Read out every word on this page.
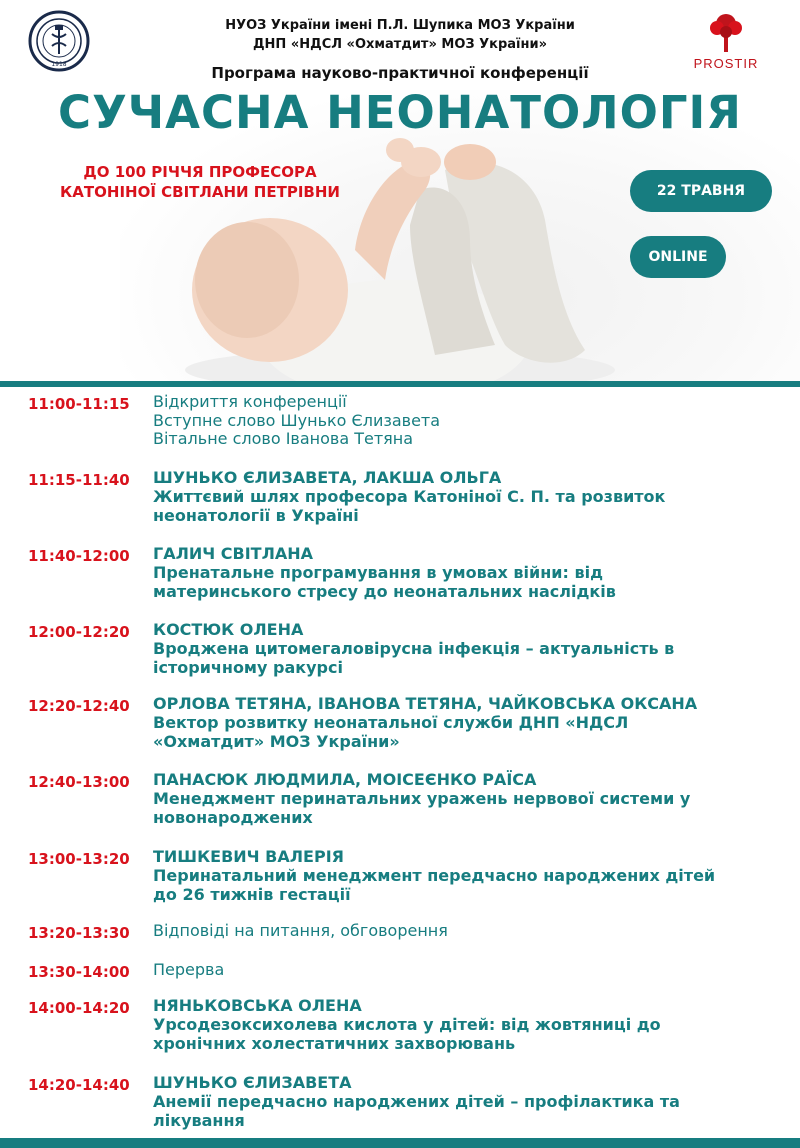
1918	PROSTIR
НУОЗ України імені П.Л. Шупика МОЗ України
ДНП «НДСЛ «Охматдит» МОЗ України»
Програма науково-практичної конференції
СУЧАСНА НЕОНАТОЛОГІЯ
ДО 100 РІЧЧЯ ПРОФЕСОРА
КАТОНІНОЇ СВІТЛАНИ ПЕТРІВНИ	22 ТРАВНЯ
ONLINE
11:00-11:15 Відкриття конференції
Вступне слово Шунько Єлизавета
Вітальне слово Іванова Тетяна
11:15-11:40 ШУНЬКО ЄЛИЗАВЕТА, ЛАКША ОЛЬГА
Життєвий шлях професора Катоніної С. П. та розвиток
неонатології в Україні
11:40-12:00 ГАЛИЧ СВІТЛАНА
Пренатальне програмування в умовах війни: від
материнського стресу до неонатальних наслідків
12:00-12:20 КОСТЮК ОЛЕНА
Вроджена цитомегаловірусна інфекція – актуальність в
історичному ракурсі
12:20-12:40 ОРЛОВА ТЕТЯНА, ІВАНОВА ТЕТЯНА, ЧАЙКОВСЬКА ОКСАНА
Вектор розвитку неонатальної служби ДНП «НДСЛ
«Охматдит» МОЗ України»
12:40-13:00 ПАНАСЮК ЛЮДМИЛА, МОІСЕЄНКО РАЇСА
Менеджмент перинатальних уражень нервової системи у
новонароджених
13:00-13:20 ТИШКЕВИЧ ВАЛЕРІЯ
Перинатальний менеджмент передчасно народжених дітей
до 26 тижнів гестації
13:20-13:30 Відповіді на питання, обговорення
13:30-14:00 Перерва
14:00-14:20 НЯНЬКОВСЬКА ОЛЕНА
Урсодезоксихолева кислота у дітей: від жовтяниці до
хронічних холестатичних захворювань
14:20-14:40 ШУНЬКО ЄЛИЗАВЕТА
Анемії передчасно народжених дітей – профілактика та
лікування
